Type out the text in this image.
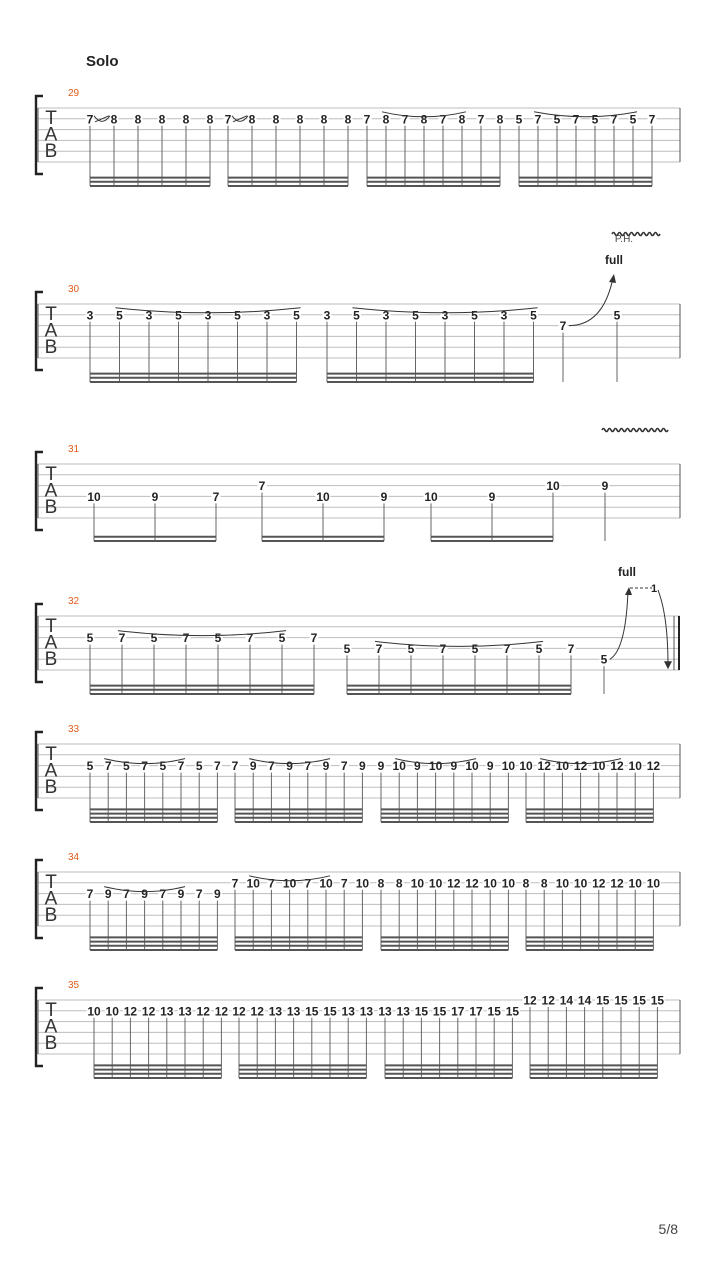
Solo
T
A
B
29
7 8 8 8 8 8 7 8 8 8 8 8 7 8 7 8 7 8 7 8 5 7 5 7 5 7 5 7
T
A
B
30
3 5 3 5 3 5 3 5 3 5 3 5 3 5 3 5
7
full
5
T
A
B
31
10	9	7
7
10	9	10	9
10	9
T
A
B
32
5 7 5 7 5 7 5 7
5 7 5 7 5 7 5 7
5
full
1
T
A
B
33
5 7 5 7 5 7 5 7 7 9 7 9 7 9 7 9 9 10 9 10 9 10 9 10 10 12 10 12 10 12 10 12
T
A
B
34
7 9 7 9 7 9 7 9
7 10 7 10 7 10 7 10 8 8 10 10 12 12 10 10 8 8 10 10 12 12 10 10
T
A
B
35
10 10 12 12 13 13 12 12 12 12 13 13 15 15 13 13 13 13 15 15 17 17 15 15
12 12 14 14 15 15 15 15
P.H.
5/8
